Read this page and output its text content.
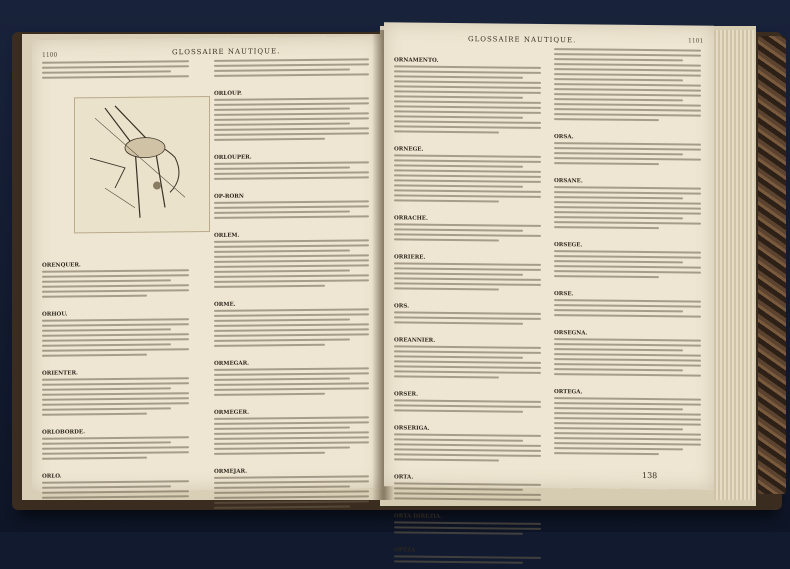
GLOSSAIRE NAUTIQUE.
1100
ORENQUER.
ORHOU.
ORIENTER.
ORLOBORDE.
ORLO.
ORLOUP.
ORLOUPER.
OP-RORN
ORLEM.
ORME.
ORMEGAR.
ORMEGER.
ORMEJAR.
GLOSSAIRE NAUTIQUE.	1101
ORNAMENTO.
ORNEGE.
ORRACHE.
ORRIERE.
ORS.
OREANNIER.
ORSER.
ORSERIGA.
ORTA.
ORTA DIREZIA.
OPTZA.
ORSA.
ORSANE.
ORSEGE.
ORSE.
ORSEGNA.
ORTEGA.
138
